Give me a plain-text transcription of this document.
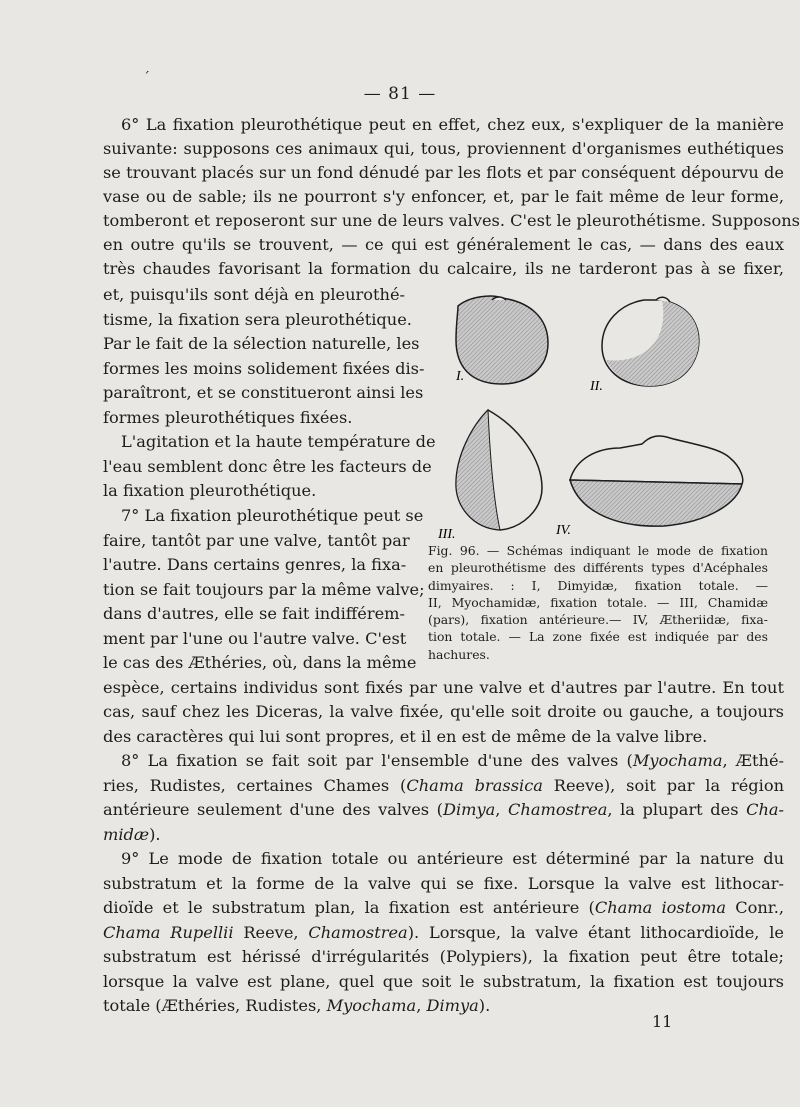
´
— 81 —
6° La fixation pleurothétique peut en effet, chez eux, s'expliquer de la manière
suivante: supposons ces animaux qui, tous, proviennent d'organismes euthétiques
se trouvant placés sur un fond dénudé par les flots et par conséquent dépourvu de
vase ou de sable; ils ne pourront s'y enfoncer, et, par le fait même de leur forme,
tomberont et reposeront sur une de leurs valves. C'est le pleurothétisme. Supposons
en outre qu'ils se trouvent, — ce qui est généralement le cas, — dans des eaux
très chaudes favorisant la formation du calcaire, ils ne tarderont pas à se fixer,
et, puisqu'ils sont déjà en pleurothé-
tisme, la fixation sera pleurothétique.
Par le fait de la sélection naturelle, les
formes les moins solidement fixées dis-
paraîtront, et se constitueront ainsi les
formes pleurothétiques fixées.
L'agitation et la haute température de
l'eau semblent donc être les facteurs de
la fixation pleurothétique.
7° La fixation pleurothétique peut se
faire, tantôt par une valve, tantôt par
l'autre. Dans certains genres, la fixa-
tion se fait toujours par la même valve;
dans d'autres, elle se fait indifférem-
ment par l'une ou l'autre valve. C'est
le cas des Æthéries, où, dans la même
espèce, certains individus sont fixés par une valve et d'autres par l'autre. En tout
cas, sauf chez les Diceras, la valve fixée, qu'elle soit droite ou gauche, a toujours
des caractères qui lui sont propres, et il en est de même de la valve libre.
8° La fixation se fait soit par l'ensemble d'une des valves (Myochama, Æthé-
ries, Rudistes, certaines Chames (Chama brassica Reeve), soit par la région
antérieure seulement d'une des valves (Dimya, Chamostrea, la plupart des Cha-
midæ).
9° Le mode de fixation totale ou antérieure est déterminé par la nature du
substratum et la forme de la valve qui se fixe. Lorsque la valve est lithocar-
dioïde et le substratum plan, la fixation est antérieure (Chama iostoma Conr.,
Chama Rupellii Reeve, Chamostrea). Lorsque, la valve étant lithocardioïde, le
substratum est hérissé d'irrégularités (Polypiers), la fixation peut être totale;
lorsque la valve est plane, quel que soit le substratum, la fixation est toujours
totale (Æthéries, Rudistes, Myochama, Dimya).
11
I.
II.
III.	IV.
Fig. 96. — Schémas indiquant le mode de fixation
en pleurothétisme des différents types d'Acéphales
dimyaires. : I, Dimyidæ, fixation totale. —
II, Myochamidæ, fixation totale. — III, Chamidæ
(pars), fixation antérieure.— IV, Ætheriidæ, fixa-
tion totale. — La zone fixée est indiquée par des
hachures.
